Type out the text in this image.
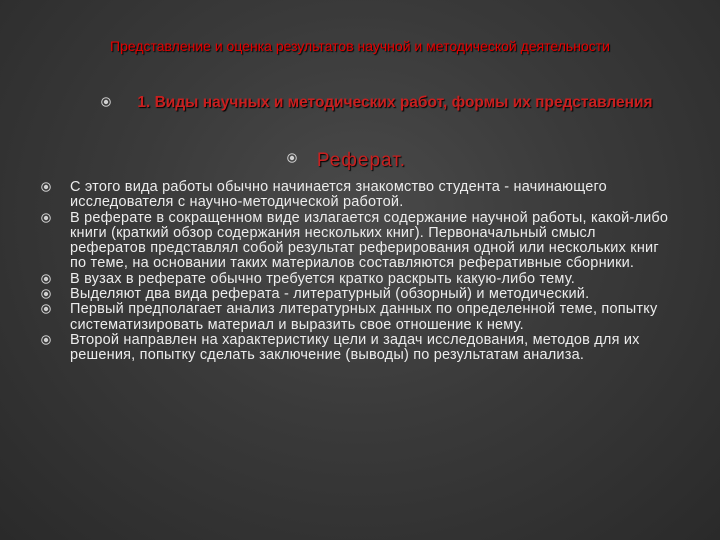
Представление и оценка результатов научной и методической деятельности
1. Виды научных и методических работ, формы их представления
Реферат.
С этого вида работы обычно начинается знакомство студента - начинающего исследователя с научно-методической работой.
В реферате в сокращенном виде излагается содержание научной работы, какой-либо книги (краткий обзор содержания нескольких книг). Первоначальный смысл рефератов представлял собой результат реферирования одной или нескольких книг по теме, на основании таких материалов составляются реферативные сборники.
В вузах в реферате обычно требуется кратко раскрыть какую-либо тему.
Выделяют два вида реферата - литературный (обзорный) и методический.
Первый предполагает анализ литературных данных по определенной теме, попытку систематизировать материал и выразить свое отношение к нему.
Второй направлен на характеристику цели и задач исследования, методов для их решения, попытку сделать заключение (выводы) по результатам анализа.
